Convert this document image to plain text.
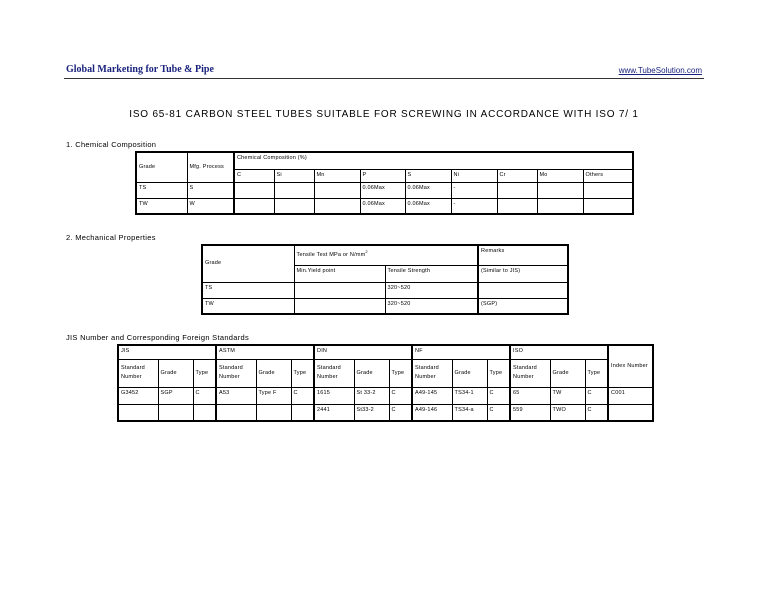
Global Marketing for Tube & Pipe	www.TubeSolution.com
ISO 65-81 CARBON STEEL TUBES SUITABLE FOR SCREWING IN ACCORDANCE WITH ISO 7/ 1
1. Chemical Composition
Grade	Mfg. Process	Chemical Composition (%)								
		C	Si	Mn	P	S	Ni	Cr	Mo	Others
TS	S				0.06Max	0.06Max	-			
TW	W				0.06Max	0.06Max	-			
2. Mechanical Properties
Grade	Tensile Test MPa or $N/mm^2$		Remarks
	Min.Yield point	Tensile Strength	(Similar to JIS)
TS		320~520	
TW		320~520	(SGP)
JIS Number and Corresponding Foreign Standards
JIS			ASTM			DIN			NF			ISO			Index Number
Standard Number	Grade	Type	Standard Number	Grade	Type	Standard Number	Grade	Type	Standard Number	Grade	Type	Standard Number	Grade	Type	
G3452	SGP	C	A53	Type F	C	1615	St 33-2	C	A49-145	TS34-1	C	65	TW	C	C001
						2441	St33-2	C	A49-146	TS34-a	C	559	TWO	C	
